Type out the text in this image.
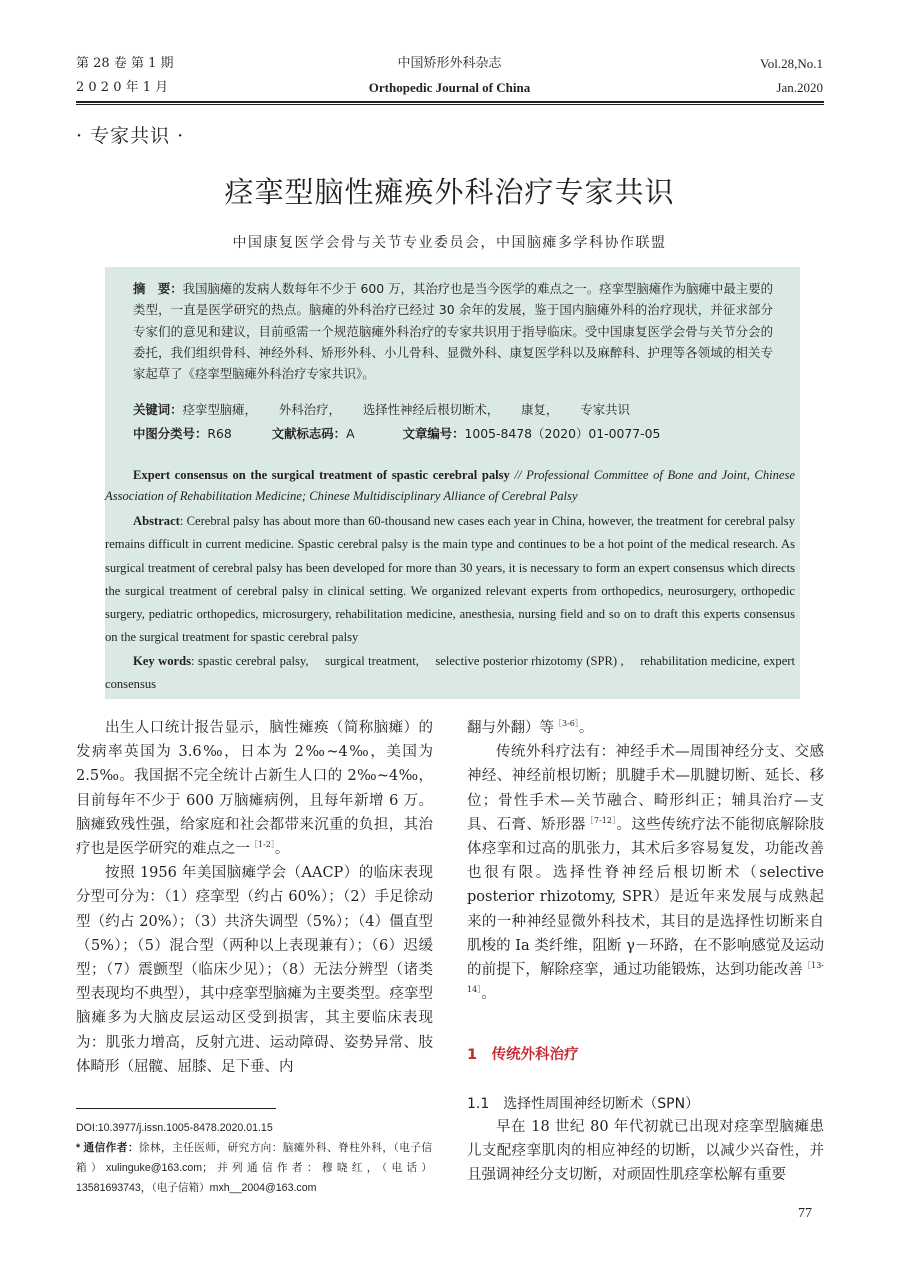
第 28 卷 第 1 期
2 0 2 0 年 1 月
中国矫形外科杂志
Orthopedic Journal of China
Vol.28,No.1
Jan.2020
· 专家共识 ·
痉挛型脑性瘫痪外科治疗专家共识
中国康复医学会骨与关节专业委员会，中国脑瘫多学科协作联盟
摘　要：我国脑瘫的发病人数每年不少于 600 万，其治疗也是当今医学的难点之一。痉挛型脑瘫作为脑瘫中最主要的类型，一直是医学研究的热点。脑瘫的外科治疗已经过 30 余年的发展，鉴于国内脑瘫外科的治疗现状，并征求部分专家们的意见和建议，目前亟需一个规范脑瘫外科治疗的专家共识用于指导临床。受中国康复医学会骨与关节分会的委托，我们组织骨科、神经外科、矫形外科、小儿骨科、显微外科、康复医学科以及麻醉科、护理等各领域的相关专家起草了《痉挛型脑瘫外科治疗专家共识》。
关键词：痉挛型脑瘫， 外科治疗， 选择性神经后根切断术， 康复， 专家共识
中图分类号：R68	文献标志码：A	文章编号：1005-8478（2020）01-0077-05
Expert consensus on the surgical treatment of spastic cerebral palsy // Professional Committee of Bone and Joint, Chinese Association of Rehabilitation Medicine; Chinese Multidisciplinary Alliance of Cerebral Palsy
Abstract: Cerebral palsy has about more than 60-thousand new cases each year in China, however, the treatment for cerebral palsy remains difficult in current medicine. Spastic cerebral palsy is the main type and continues to be a hot point of the medical research. As surgical treatment of cerebral palsy has been developed for more than 30 years, it is necessary to form an expert consensus which directs the surgical treatment of cerebral palsy in clinical setting. We organized relevant experts from orthopedics, neurosurgery, orthopedic surgery, pediatric orthopedics, microsurgery, rehabilitation medicine, anesthesia, nursing field and so on to draft this experts consensus on the surgical treatment for spastic cerebral palsy
Key words: spastic cerebral palsy,　 surgical treatment,　 selective posterior rhizotomy (SPR) ,　 rehabilitation medicine, expert consensus

出生人口统计报告显示，脑性瘫痪（简称脑瘫）的发病率英国为 3.6‰，日本为 2‰~4‰，美国为 2.5‰。我国据不完全统计占新生人口的 2‰~4‰，目前每年不少于 600 万脑瘫病例，且每年新增 6 万。脑瘫致残性强，给家庭和社会都带来沉重的负担，其治疗也是医学研究的难点之一$^{[1-2]}$。

按照 1956 年美国脑瘫学会（AACP）的临床表现分型可分为：（1）痉挛型（约占 60%）；（2）手足徐动型（约占 20%）；（3）共济失调型（5%）；（4）僵直型（5%）；（5）混合型（两种以上表现兼有）；（6）迟缓型；（7）震颤型（临床少见）；（8）无法分辨型（诸类型表现均不典型），其中痉挛型脑瘫为主要类型。痉挛型脑瘫多为大脑皮层运动区受到损害，其主要临床表现为：肌张力增高，反射亢进、运动障碍、姿势异常、肢体畸形（屈髋、屈膝、足下垂、内

翻与外翻）等$^{[3-6]}$。

传统外科疗法有：神经手术—周围神经分支、交感神经、神经前根切断；肌腱手术—肌腱切断、延长、移位；骨性手术—关节融合、畸形纠正；辅具治疗—支具、石膏、矫形器$^{[7-12]}$。这些传统疗法不能彻底解除肢体痉挛和过高的肌张力，其术后多容易复发，功能改善也很有限。选择性脊神经后根切断术（selective posterior rhizotomy, SPR）是近年来发展与成熟起来的一种神经显微外科技术，其目的是选择性切断来自肌梭的 Ia 类纤维，阻断 γ－环路，在不影响感觉及运动的前提下，解除痉挛，通过功能锻炼，达到功能改善$^{[13-14]}$。

1　传统外科治疗
1.1　选择性周围神经切断术（SPN）

早在 18 世纪 80 年代初就已出现对痉挛型脑瘫患儿支配痉挛肌肉的相应神经的切断，以减少兴奋性，并且强调神经分支切断，对顽固性肌痉挛松解有重要

DOI:10.3977/j.issn.1005-8478.2020.01.15
* 通信作者：徐林，主任医师，研究方向：脑瘫外科、脊柱外科，（电子信箱）xulinguke@163.com；并列通信作者：穆晓红，（电话）13581693743，（电子信箱）mxh__2004@163.com
77
